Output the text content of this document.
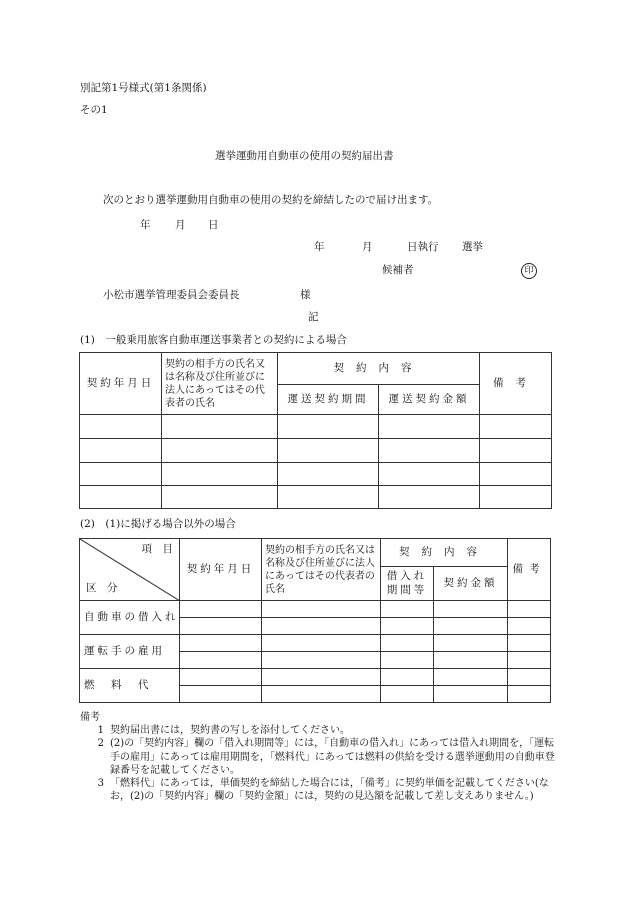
別記第1号様式(第1条関係)
その1
選挙運動用自動車の使用の契約届出書
次のとおり選挙運動用自動車の使用の契約を締結したので届け出ます。
年 月 日
年	月	日執行 選挙
候補者	印
小松市選挙管理委員会委員長	様
記
(1)　一般乗用旅客自動車運送事業者との契約による場合
契約年月日	契約の相手方の氏名又は名称及び住所並びに法人にあってはその代表者の氏名	契約内容		備考
		運送契約期間	運送契約金額	

(2)　(1)に掲げる場合以外の場合
項　目
区　分	契約年月日	契約の相手方の氏名又は名称及び住所並びに法人にあってはその代表者の氏名	契約内容		備考
			借入れ期間等	契約金額	
自動車の借入れ					

運転手の雇用					

燃　料　代					

備考
1 契約届出書には，契約書の写しを添付してください。
2 (2)の「契約内容」欄の「借入れ期間等」には，「自動車の借入れ」にあっては借入れ期間を，「運転手の雇用」にあっては雇用期間を，「燃料代」にあっては燃料の供給を受ける選挙運動用の自動車登録番号を記載してください。
3 「燃料代」にあっては，単価契約を締結した場合には，「備考」に契約単価を記載してください(なお，(2)の「契約内容」欄の「契約金額」には，契約の見込額を記載して差し支えありません。)
